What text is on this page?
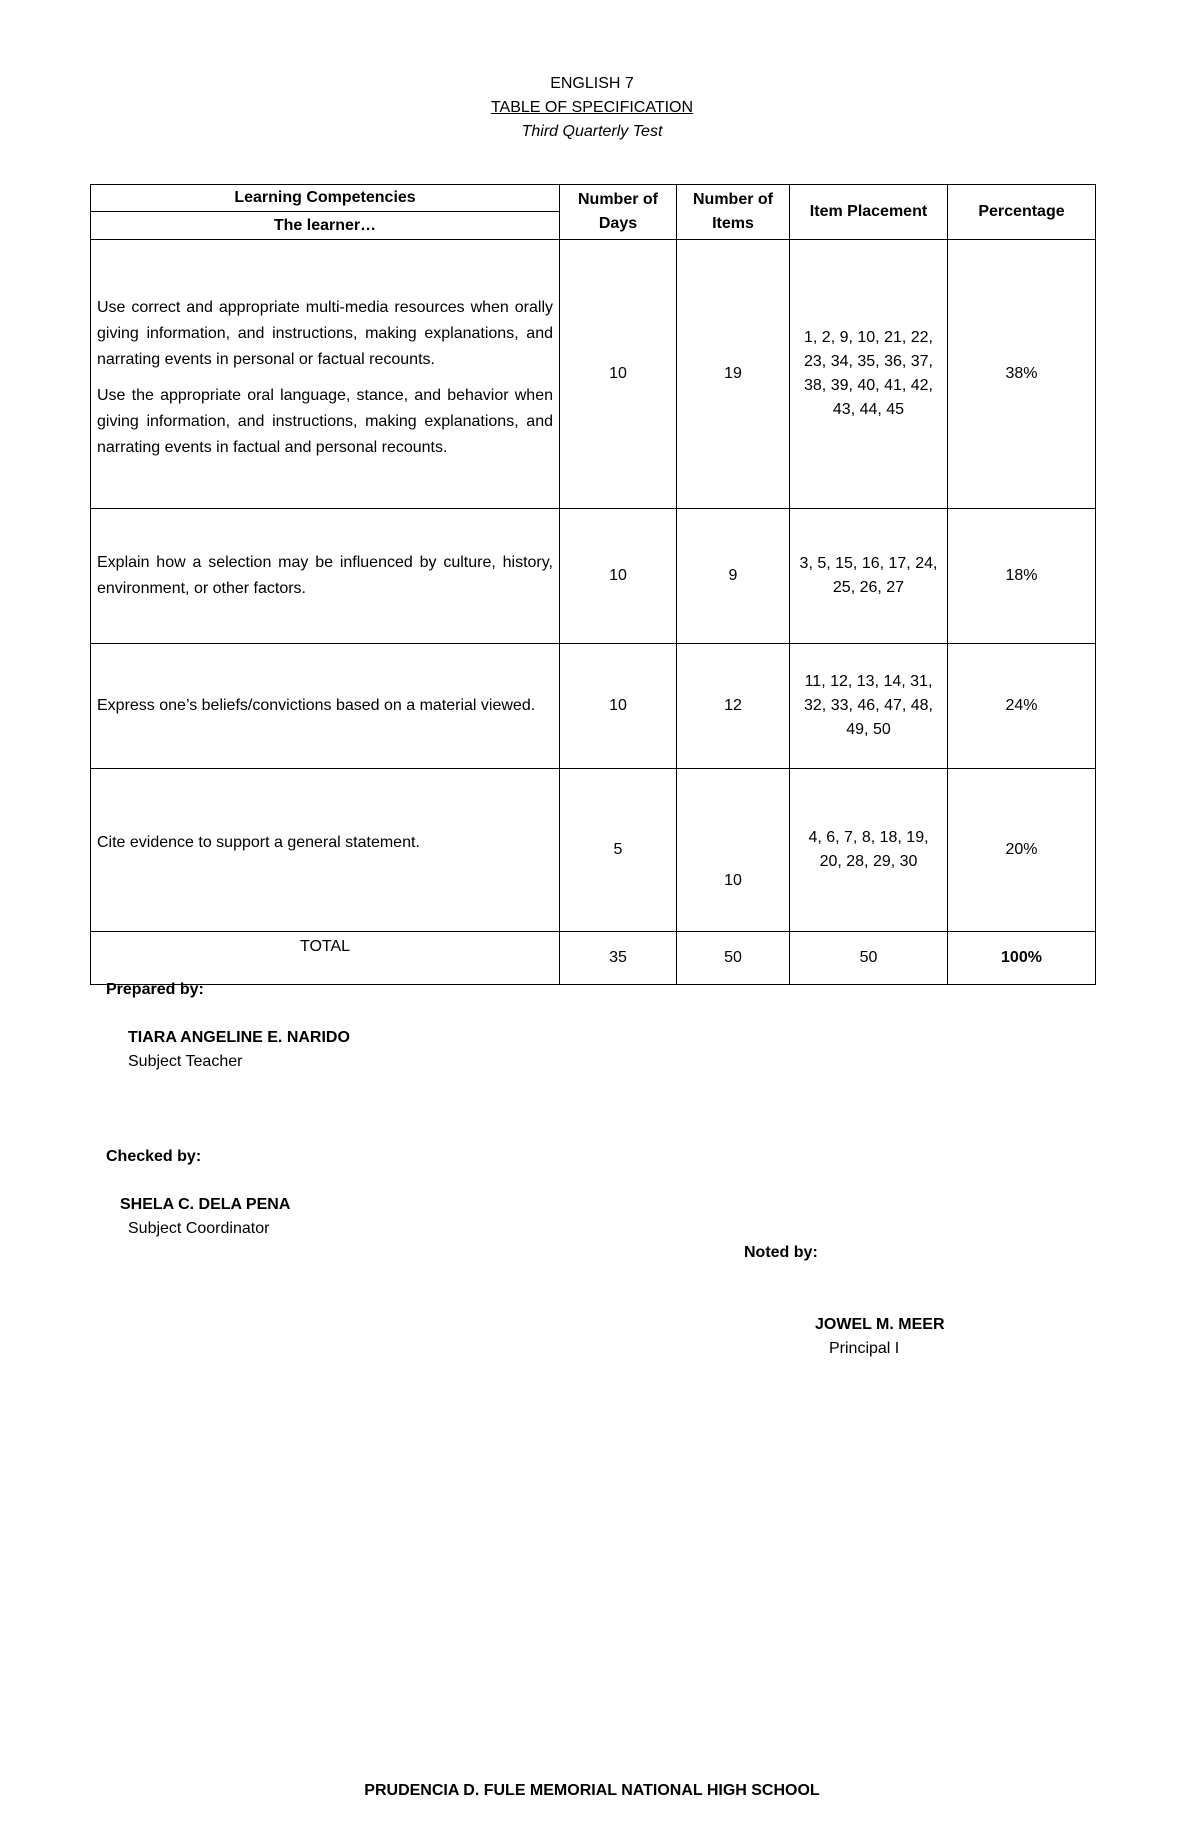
ENGLISH 7
TABLE OF SPECIFICATION
Third Quarterly Test
Learning Competencies	Number of Days	Number of Items	Item Placement	Percentage
The learner…				

Use correct and appropriate multi-media resources when orally giving information, and instructions, making explanations, and narrating events in personal or factual recounts.

Use the appropriate oral language, stance, and behavior when giving information, and instructions, making explanations, and narrating events in factual and personal recounts.	10	19	1, 2, 9, 10, 21, 22, 23, 34, 35, 36, 37, 38, 39, 40, 41, 42, 43, 44, 45	38%

Explain how a selection may be influenced by culture, history, environment, or other factors.	10	9	3, 5, 15, 16, 17, 24, 25, 26, 27	18%

Express one’s beliefs/convictions based on a material viewed.	10	12	11, 12, 13, 14, 31, 32, 33, 46, 47, 48, 49, 50	24%

Cite evidence to support a general statement.	5	10	4, 6, 7, 8, 18, 19, 20, 28, 29, 30	20%
TOTAL	35	50	50	100%
Prepared by:
TIARA ANGELINE E. NARIDO
Subject Teacher
Checked by:
SHELA C. DELA PENA
Subject Coordinator
Noted by:
JOWEL M. MEER
Principal I
PRUDENCIA D. FULE MEMORIAL NATIONAL HIGH SCHOOL
